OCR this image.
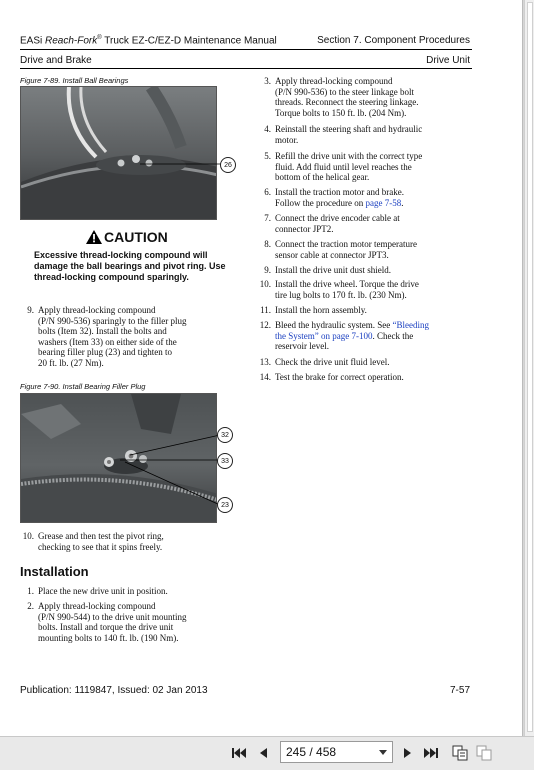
EASi Reach-Fork® Truck EZ-C/EZ-D Maintenance Manual	Section 7. Component Procedures
Drive and Brake	Drive Unit
Figure 7-89. Install Ball Bearings
26
CAUTION
Excessive thread-locking compound will damage the ball bearings and pivot ring. Use thread-locking compound sparingly.
9. Apply thread-locking compound
(P/N 990-536) sparingly to the filler plug
bolts (Item 32). Install the bolts and
washers (Item 33) on either side of the
bearing filler plug (23) and tighten to
20 ft. lb. (27 Nm).
Figure 7-90. Install Bearing Filler Plug
32
33
23
10. Grease and then test the pivot ring,
checking to see that it spins freely.
Installation
1. Place the new drive unit in position.
2. Apply thread-locking compound
(P/N 990-544) to the drive unit mounting
bolts. Install and torque the drive unit
mounting bolts to 140 ft. lb. (190 Nm).
3. Apply thread-locking compound
(P/N 990-536) to the steer linkage bolt
threads. Reconnect the steering linkage.
Torque bolts to 150 ft. lb. (204 Nm).
4. Reinstall the steering shaft and hydraulic
motor.
5. Refill the drive unit with the correct type
fluid. Add fluid until level reaches the
bottom of the helical gear.
6. Install the traction motor and brake.
Follow the procedure on page 7-58.
7. Connect the drive encoder cable at
connector JPT2.
8. Connect the traction motor temperature
sensor cable at connector JPT3.
9. Install the drive unit dust shield.
10. Install the drive wheel. Torque the drive
tire lug bolts to 170 ft. lb. (230 Nm).
11. Install the horn assembly.
12. Bleed the hydraulic system. See “Bleeding
the System” on page 7-100. Check the
reservoir level.
13. Check the drive unit fluid level.
14. Test the brake for correct operation.
Publication: 1119847, Issued: 02 Jan 2013	7-57
245 / 458
